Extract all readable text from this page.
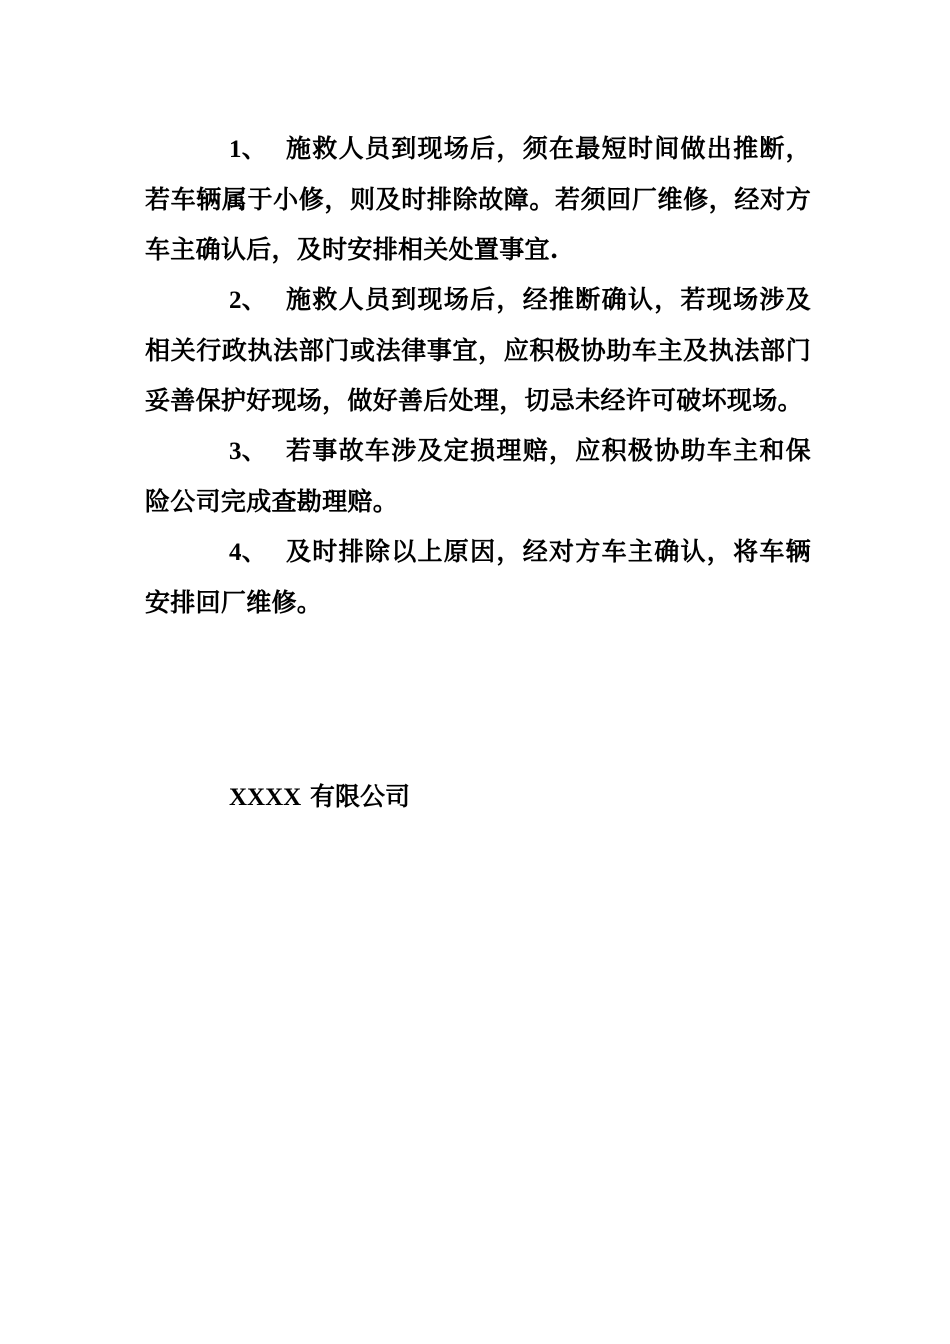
1、 施救人员到现场后，须在最短时间做出推断，若车辆属于小修，则及时排除故障。若须回厂维修，经对方车主确认后，及时安排相关处置事宜.

2、 施救人员到现场后，经推断确认，若现场涉及相关行政执法部门或法律事宜，应积极协助车主及执法部门妥善保护好现场，做好善后处理，切忌未经许可破坏现场。

3、 若事故车涉及定损理赔，应积极协助车主和保险公司完成查勘理赔。

4、 及时排除以上原因，经对方车主确认，将车辆安排回厂维修。

XXXX 有限公司
